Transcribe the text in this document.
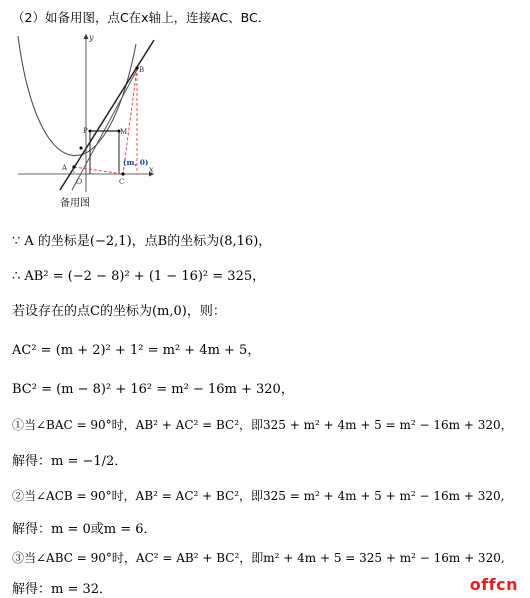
（2）如备用图，点C在x轴上，连接AC、BC．
y
x
O
A
B
C
P	M
(m, 0)
备用图
∵ A 的坐标是(−2,1)，点B的坐标为(8,16)，
∴ AB² = (−2 − 8)² + (1 − 16)² = 325，
若设存在的点C的坐标为(m,0)，则：
AC² = (m + 2)² + 1² = m² + 4m + 5，
BC² = (m − 8)² + 16² = m² − 16m + 320，
①当∠BAC = 90°时，AB² + AC² = BC²，即325 + m² + 4m + 5 = m² − 16m + 320，
解得：m = −1/2．
②当∠ACB = 90°时，AB² = AC² + BC²，即325 = m² + 4m + 5 + m² − 16m + 320,
解得：m = 0或m = 6．
③当∠ABC = 90°时，AC² = AB² + BC²，即m² + 4m + 5 = 325 + m² − 16m + 320,
解得：m = 32．	offcn
